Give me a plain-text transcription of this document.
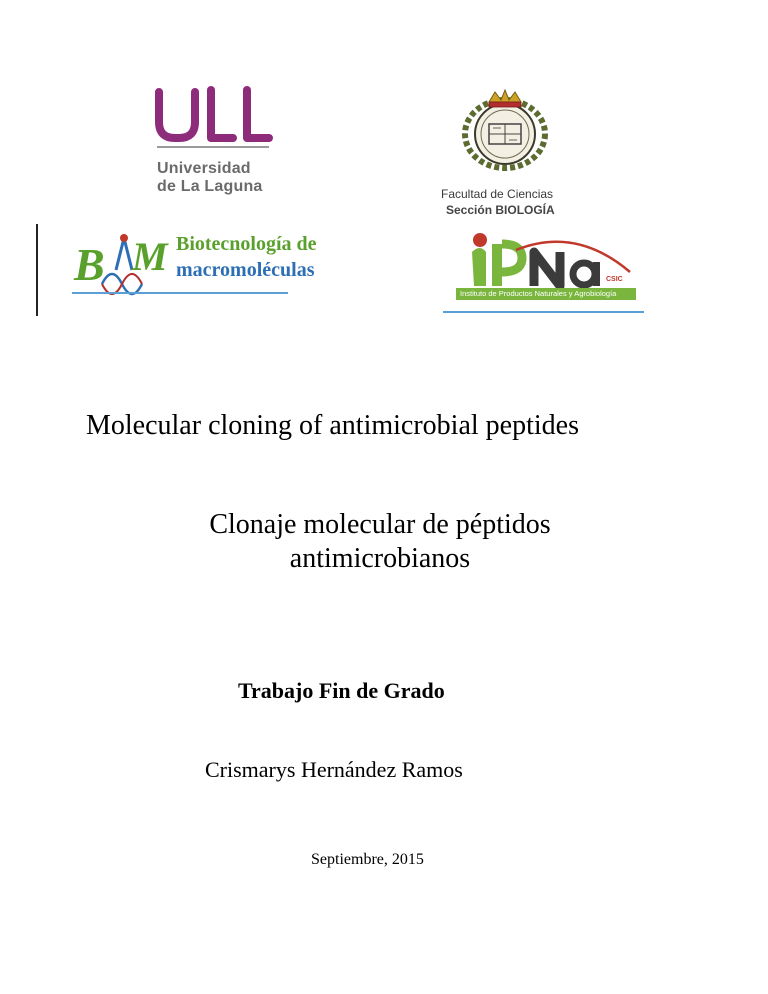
Universidad
de La Laguna	Facultad de Ciencias
Sección BIOLOGÍA
B M Biotecnología de
macromoléculas	CSIC
Instituto de Productos Naturales y Agrobiología
Molecular cloning of antimicrobial peptides
Clonaje molecular de péptidos antimicrobianos
Trabajo Fin de Grado
Crismarys Hernández Ramos
Septiembre, 2015
